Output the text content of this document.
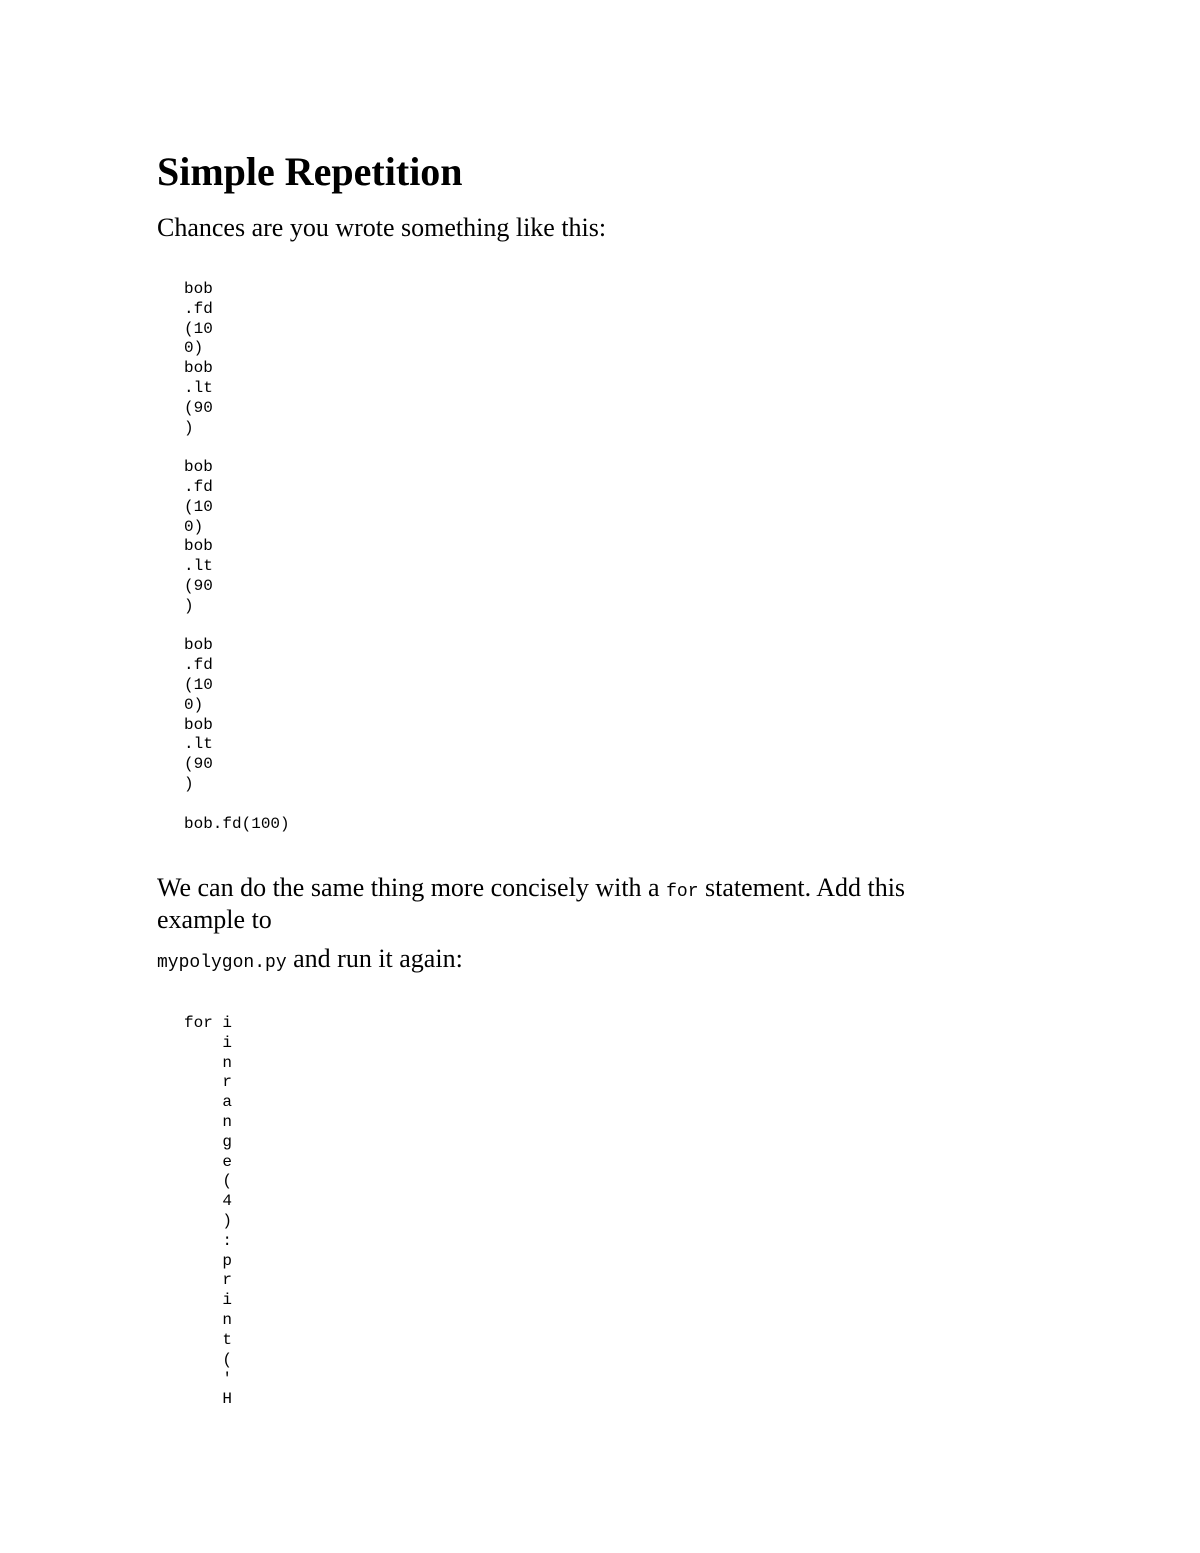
Simple Repetition

Chances are you wrote something like this:

bob
.fd
(10
0)
bob
.lt
(90
)

bob
.fd
(10
0)
bob
.lt
(90
)

bob
.fd
(10
0)
bob
.lt
(90
)

bob.fd(100)

We can do the same thing more concisely with a for statement. Add this

example to

mypolygon.py and run it again:

for i
i
n
r
a
n
g
e
(
4
)
:
p
r
i
n
t
(
'
H
